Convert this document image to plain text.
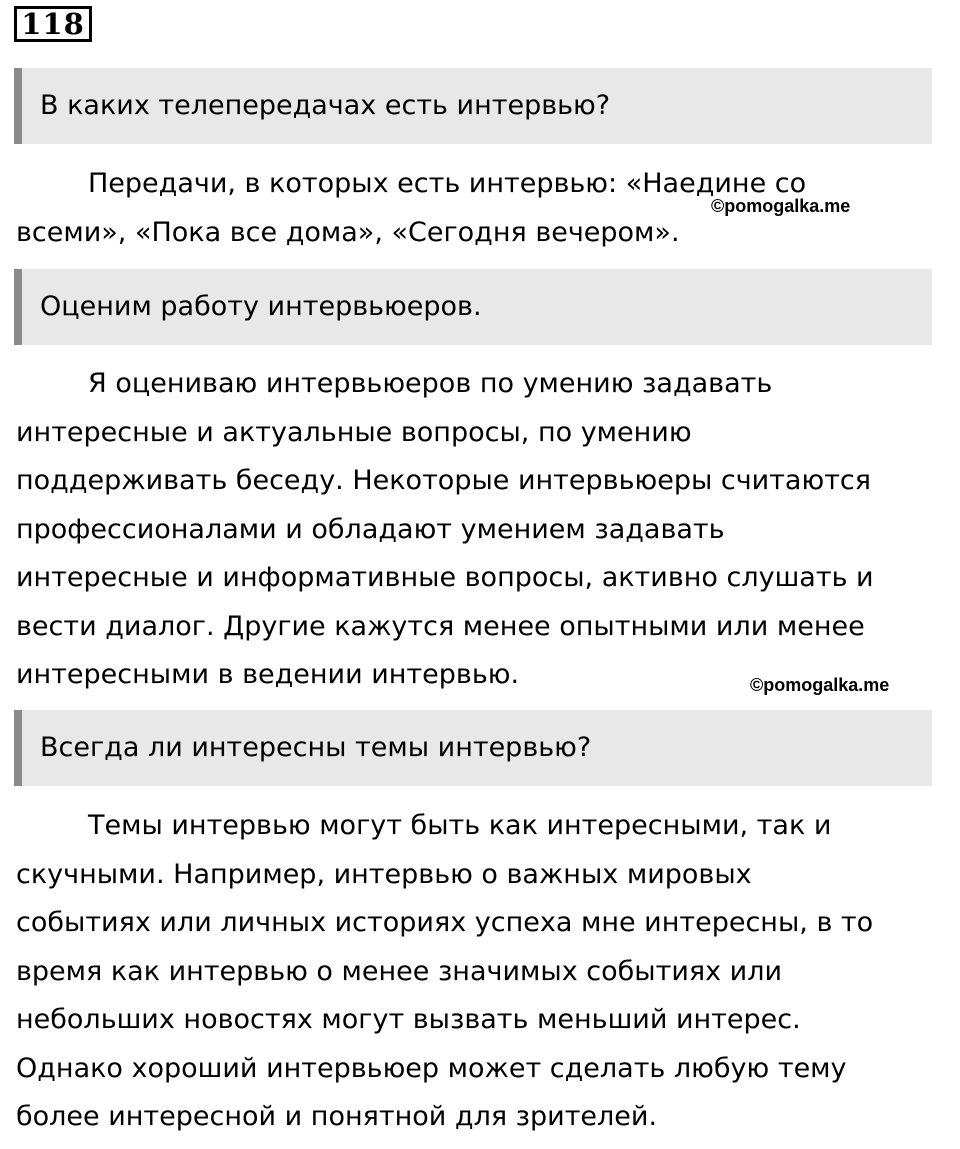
118
В каких телепередачах есть интервью?
Передачи, в которых есть интервью: «Наедине со
всеми», «Пока все дома», «Сегодня вечером».
©pomogalka.me
Оценим работу интервьюеров.
Я оцениваю интервьюеров по умению задавать
интересные и актуальные вопросы, по умению
поддерживать беседу. Некоторые интервьюеры считаются
профессионалами и обладают умением задавать
интересные и информативные вопросы, активно слушать и
вести диалог. Другие кажутся менее опытными или менее
интересными в ведении интервью.	©pomogalka.me
Всегда ли интересны темы интервью?
Темы интервью могут быть как интересными, так и
скучными. Например, интервью о важных мировых
событиях или личных историях успеха мне интересны, в то
время как интервью о менее значимых событиях или
небольших новостях могут вызвать меньший интерес.
Однако хороший интервьюер может сделать любую тему
более интересной и понятной для зрителей.
